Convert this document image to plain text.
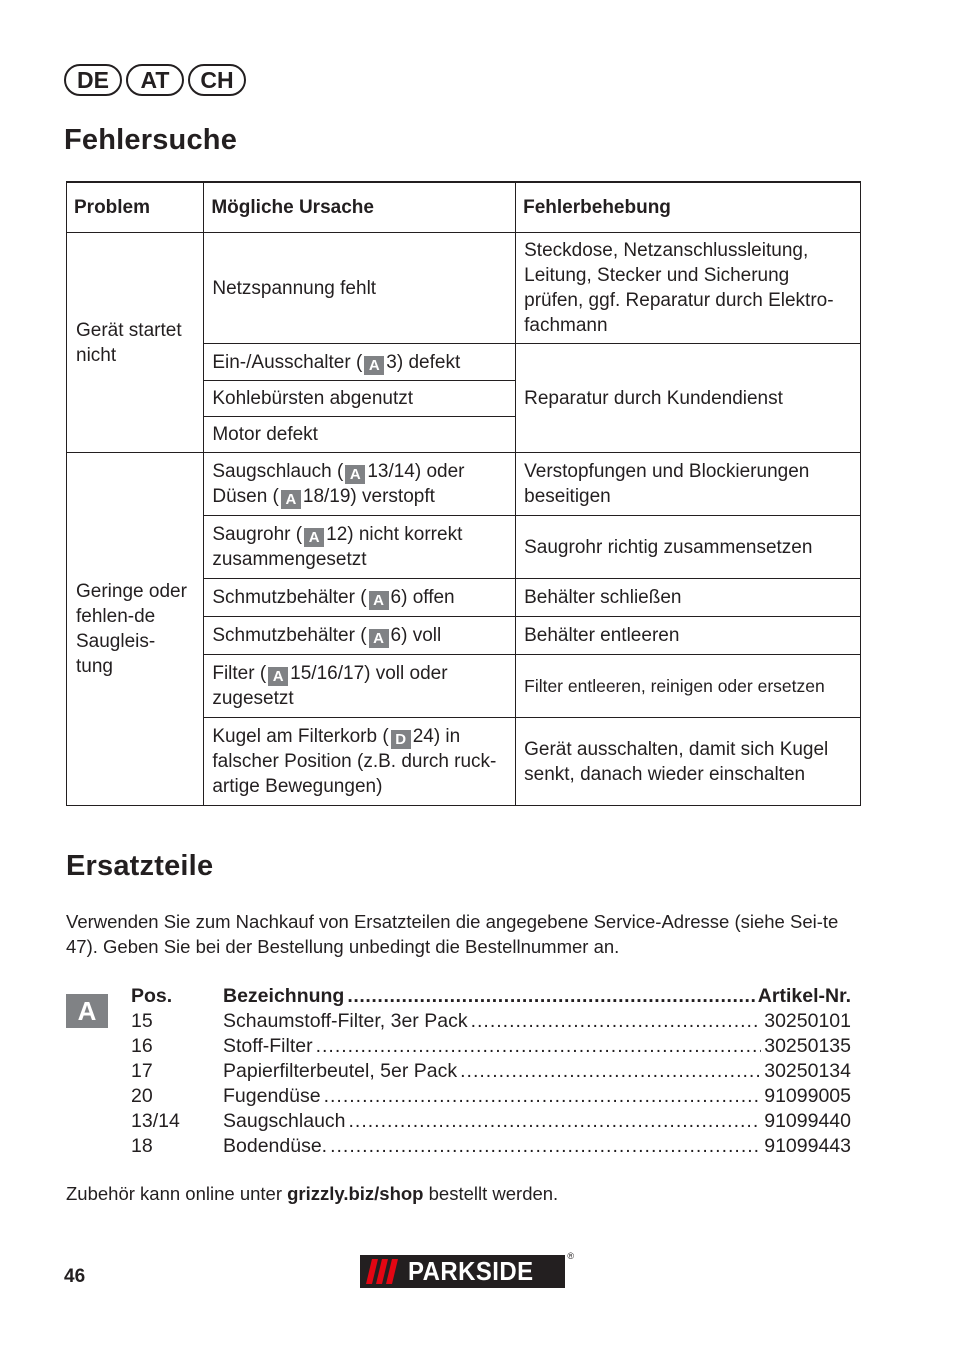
DE	AT	CH
Fehlersuche
Problem	Mögliche Ursache	Fehlerbehebung
Gerät startet nicht	Netzspannung fehlt	Steckdose, Netzanschlussleitung, Leitung, Stecker und Sicherung prüfen, ggf. Reparatur durch Elektro-fachmann
	Ein-/Ausschalter ( A 3) defekt	Reparatur durch Kundendienst
	Kohlebürsten abgenutzt	
	Motor defekt	
Geringe oder fehlen-de Saugleis-tung	Saugschlauch ( A 13/14) oder Düsen ( A 18/19) verstopft	Verstopfungen und Blockierungen beseitigen
	Saugrohr ( A 12) nicht korrekt zusammengesetzt	Saugrohr richtig zusammensetzen
	Schmutzbehälter ( A 6) offen	Behälter schließen
	Schmutzbehälter ( A 6) voll	Behälter entleeren
	Filter ( A 15/16/17) voll oder zugesetzt	Filter entleeren, reinigen oder ersetzen
	Kugel am Filterkorb ( D 24) in falscher Position (z.B. durch ruck-artige Bewegungen)	Gerät ausschalten, damit sich Kugel senkt, danach wieder einschalten
Ersatzteile

Verwenden Sie zum Nachkauf von Ersatzteilen die angegebene Service-Adresse (siehe Sei-te 47). Geben Sie bei der Bestellung unbedingt die Bestellnummer an.

A	Pos.	Bezeichnung .....	Artikel-Nr.
15	Schaumstoff-Filter, 3er Pack .....	30250101
16	Stoff-Filter .....	30250135
17	Papierfilterbeutel, 5er Pack .....	30250134
20	Fugendüse .....	91099005
13/14	Saugschlauch .....	91099440
18	Bodendüse. .....	91099443

Zubehör kann online unter grizzly.biz/shop bestellt werden.

46	PARKSIDE	®
